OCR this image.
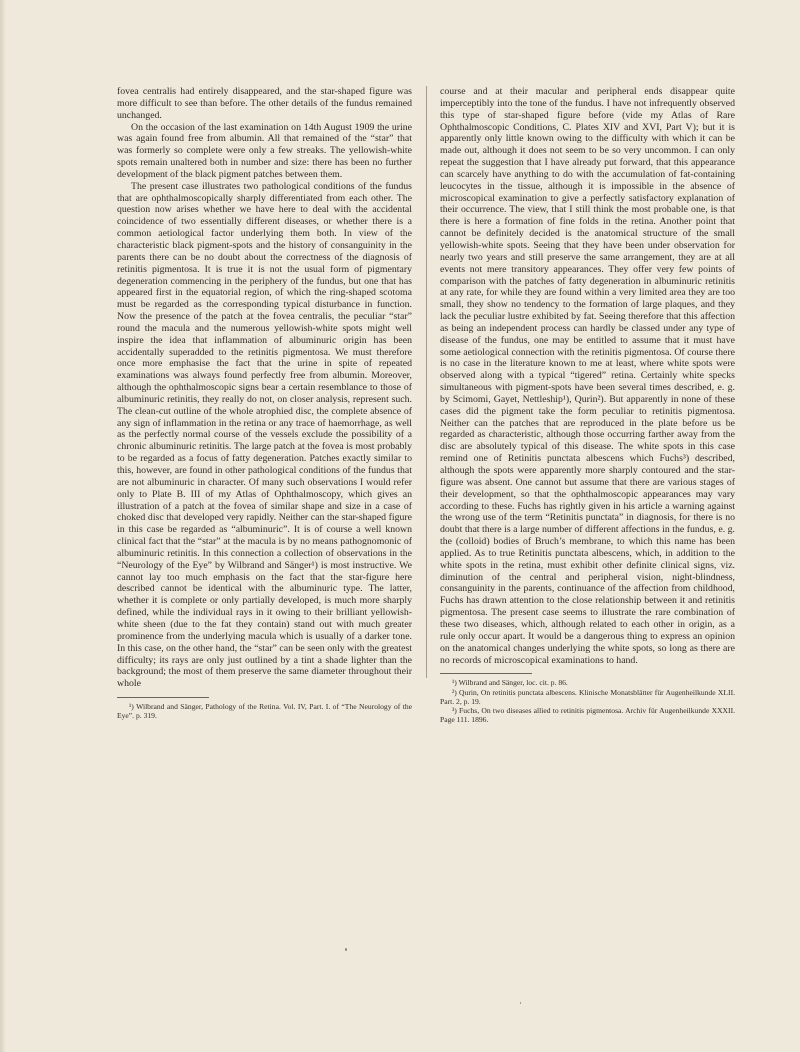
fovea centralis had entirely disappeared, and the star-shaped figure was more difficult to see than before. The other details of the fundus remained unchanged.

On the occasion of the last examination on 14th August 1909 the urine was again found free from albumin. All that remained of the “star” that was formerly so complete were only a few streaks. The yellowish-white spots remain unaltered both in number and size: there has been no further development of the black pigment patches between them.

The present case illustrates two pathological conditions of the fundus that are ophthalmoscopically sharply differentiated from each other. The question now arises whether we have here to deal with the accidental coincidence of two essentially different diseases, or whether there is a common aetiological factor underlying them both. In view of the characteristic black pigment-spots and the history of consanguinity in the parents there can be no doubt about the correctness of the diagnosis of retinitis pigmentosa. It is true it is not the usual form of pigmentary degeneration commencing in the periphery of the fundus, but one that has appeared first in the equatorial region, of which the ring-shaped scotoma must be regarded as the corresponding typical disturbance in function. Now the presence of the patch at the fovea centralis, the peculiar “star” round the macula and the numerous yellowish-white spots might well inspire the idea that inflammation of albuminuric origin has been accidentally superadded to the retinitis pigmentosa. We must therefore once more emphasise the fact that the urine in spite of repeated examinations was always found perfectly free from albumin. Moreover, although the ophthalmoscopic signs bear a certain resemblance to those of albuminuric retinitis, they really do not, on closer analysis, represent such. The clean-cut outline of the whole atrophied disc, the complete absence of any sign of inflammation in the retina or any trace of haemorrhage, as well as the perfectly normal course of the vessels exclude the possibility of a chronic albuminuric retinitis. The large patch at the fovea is most probably to be regarded as a focus of fatty degeneration. Patches exactly similar to this, however, are found in other pathological conditions of the fundus that are not albuminuric in character. Of many such observations I would refer only to Plate B. III of my Atlas of Ophthalmoscopy, which gives an illustration of a patch at the fovea of similar shape and size in a case of choked disc that developed very rapidly. Neither can the star-shaped figure in this case be regarded as “albuminuric”. It is of course a well known clinical fact that the “star” at the macula is by no means pathognomonic of albuminuric retinitis. In this connection a collection of observations in the “Neurology of the Eye” by Wilbrand and Sänger¹) is most instructive. We cannot lay too much emphasis on the fact that the star-figure here described cannot be identical with the albuminuric type. The latter, whether it is complete or only partially developed, is much more sharply defined, while the individual rays in it owing to their brilliant yellowish-white sheen (due to the fat they contain) stand out with much greater prominence from the underlying macula which is usually of a darker tone. In this case, on the other hand, the “star” can be seen only with the greatest difficulty; its rays are only just outlined by a tint a shade lighter than the background; the most of them preserve the same diameter throughout their whole

¹) Wilbrand and Sänger, Pathology of the Retina. Vol. IV, Part. I. of “The Neurology of the Eye”. p. 319.

course and at their macular and peripheral ends disappear quite imperceptibly into the tone of the fundus. I have not infrequently observed this type of star-shaped figure before (vide my Atlas of Rare Ophthalmoscopic Conditions, C. Plates XIV and XVI, Part V); but it is apparently only little known owing to the difficulty with which it can be made out, although it does not seem to be so very uncommon. I can only repeat the suggestion that I have already put forward, that this appearance can scarcely have anything to do with the accumulation of fat-containing leucocytes in the tissue, although it is impossible in the absence of microscopical examination to give a perfectly satisfactory explanation of their occurrence. The view, that I still think the most probable one, is that there is here a formation of fine folds in the retina. Another point that cannot be definitely decided is the anatomical structure of the small yellowish-white spots. Seeing that they have been under observation for nearly two years and still preserve the same arrangement, they are at all events not mere transitory appearances. They offer very few points of comparison with the patches of fatty degeneration in albuminuric retinitis at any rate, for while they are found within a very limited area they are too small, they show no tendency to the formation of large plaques, and they lack the peculiar lustre exhibited by fat. Seeing therefore that this affection as being an independent process can hardly be classed under any type of disease of the fundus, one may be entitled to assume that it must have some aetiological connection with the retinitis pigmentosa. Of course there is no case in the literature known to me at least, where white spots were observed along with a typical “tigered” retina. Certainly white specks simultaneous with pigment-spots have been several times described, e. g. by Scimomi, Gayet, Nettleship¹), Qurin²). But apparently in none of these cases did the pigment take the form peculiar to retinitis pigmentosa. Neither can the patches that are reproduced in the plate before us be regarded as characteristic, although those occurring farther away from the disc are absolutely typical of this disease. The white spots in this case remind one of Retinitis punctata albescens which Fuchs³) described, although the spots were apparently more sharply contoured and the star-figure was absent. One cannot but assume that there are various stages of their development, so that the ophthalmoscopic appearances may vary according to these. Fuchs has rightly given in his article a warning against the wrong use of the term “Retinitis punctata” in diagnosis, for there is no doubt that there is a large number of different affections in the fundus, e. g. the (colloid) bodies of Bruch’s membrane, to which this name has been applied. As to true Retinitis punctata albescens, which, in addition to the white spots in the retina, must exhibit other definite clinical signs, viz. diminution of the central and peripheral vision, night-blindness, consanguinity in the parents, continuance of the affection from childhood, Fuchs has drawn attention to the close relationship between it and retinitis pigmentosa. The present case seems to illustrate the rare combination of these two diseases, which, although related to each other in origin, as a rule only occur apart. It would be a dangerous thing to express an opinion on the anatomical changes underlying the white spots, so long as there are no records of microscopical examinations to hand.

¹) Wilbrand and Sänger, loc. cit. p. 86.

²) Qurin, On retinitis punctata albescens. Klinische Monatsblätter für Augenheilkunde XLII. Part. 2, p. 19.

³) Fuchs, On two diseases allied to retinitis pigmentosa. Archiv für Augenheilkunde XXXII. Page 111. 1896.
